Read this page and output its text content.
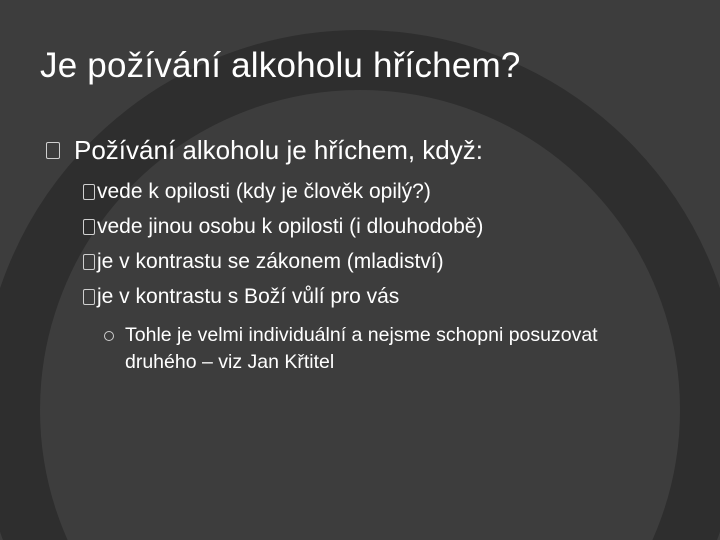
Je požívání alkoholu hříchem?
Požívání alkoholu je hříchem, když:
vede k opilosti (kdy je člověk opilý?)
vede jinou osobu k opilosti (i dlouhodobě)
je v kontrastu se zákonem (mladiství)
je v kontrastu s Boží vůlí pro vás
Tohle je velmi individuální a nejsme schopni posuzovat druhého – viz Jan Křtitel
